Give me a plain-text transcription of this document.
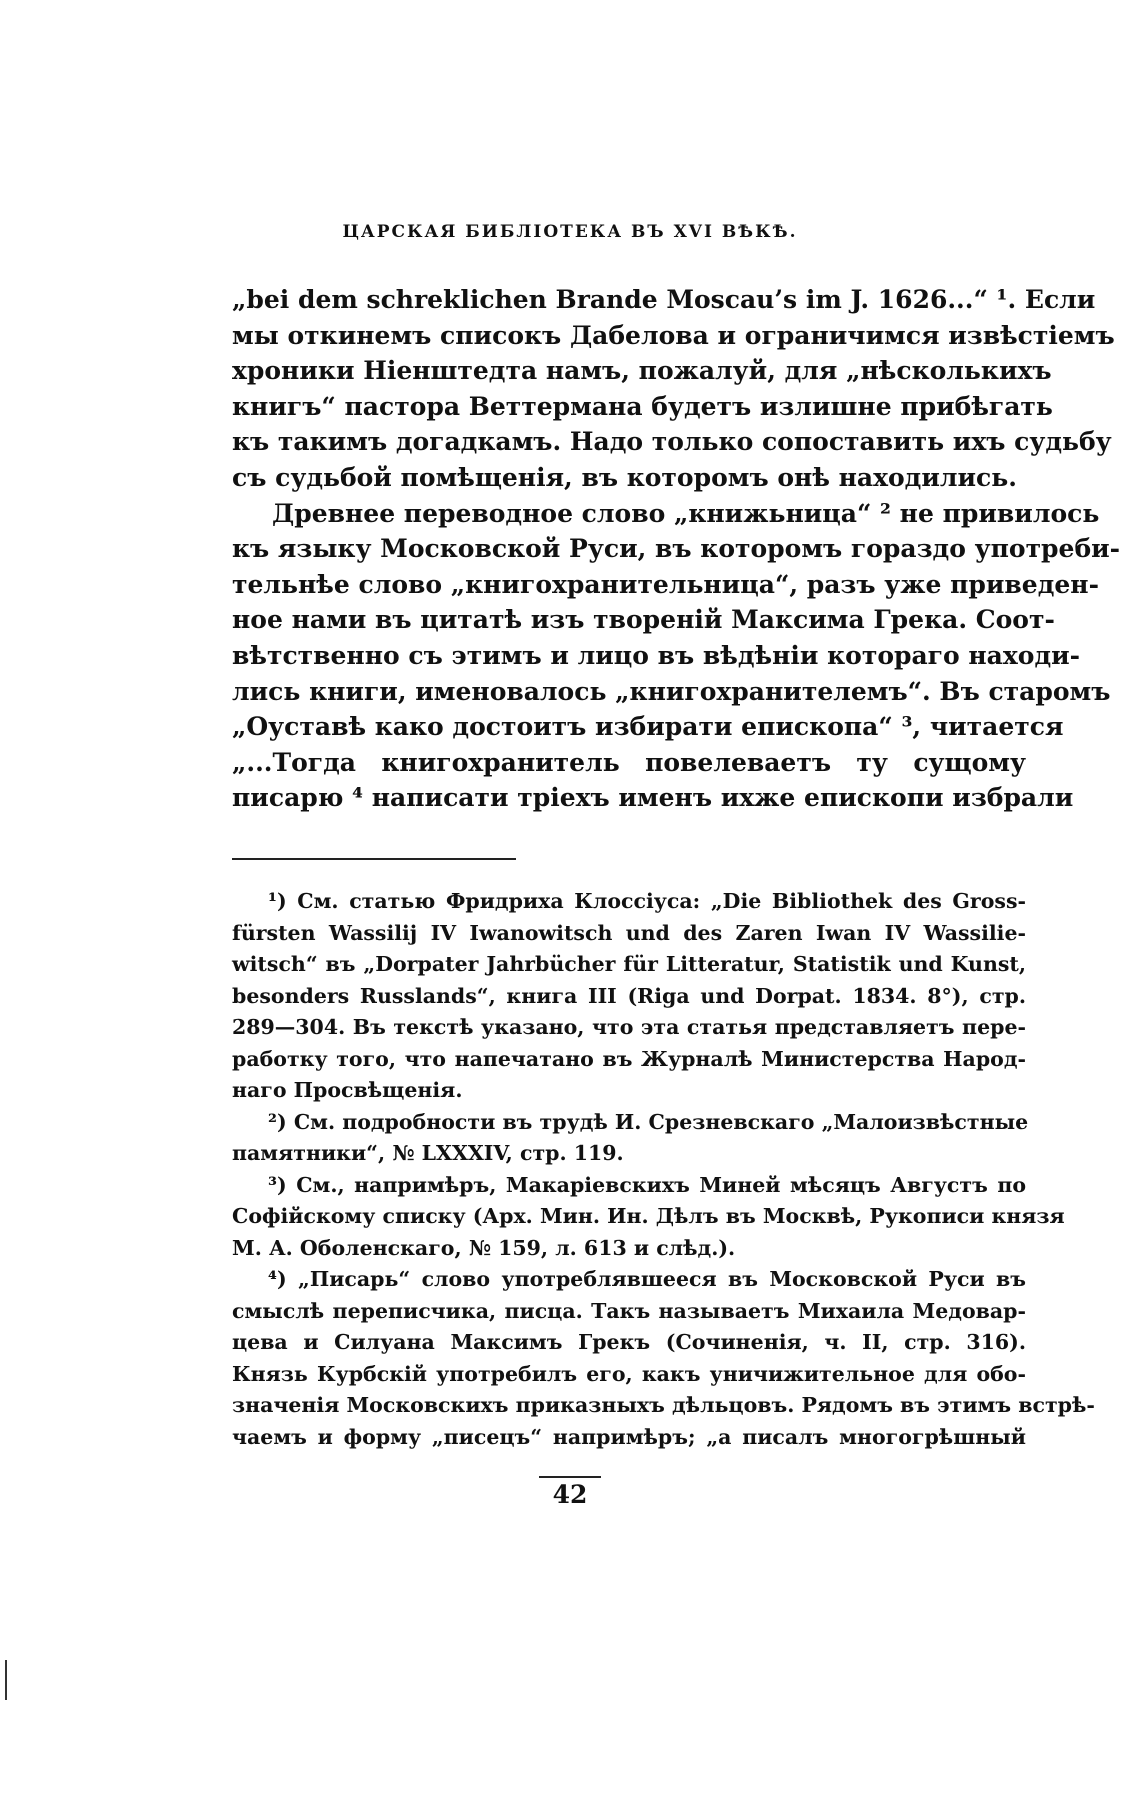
ЦАРСКАЯ БИБЛІОТЕКА ВЪ XVI ВѢКѢ.
„bei dem schreklichen Brande Moscau’s im J. 1626...“ ¹. Если
мы откинемъ списокъ Дабелова и ограничимся извѣстіемъ
хроники Ніенштедта намъ, пожалуй, для „нѣсколькихъ
книгъ“ пастора Веттермана будетъ излишне прибѣгать
къ такимъ догадкамъ. Надо только сопоставить ихъ судьбу
съ судьбой помѣщенія, въ которомъ онѣ находились.
Древнее переводное слово „книжьница“ ² не привилось
къ языку Московской Руси, въ которомъ гораздо употреби-
тельнѣе слово „книгохранительница“, разъ уже приведен-
ное нами въ цитатѣ изъ твореній Максима Грека. Соот-
вѣтственно съ этимъ и лицо въ вѣдѣніи котораго находи-
лись книги, именовалось „книгохранителемъ“. Въ старомъ
„Оуставѣ како достоитъ избирати епископа“ ³, читается
„...Тогда книгохранитель повелеваетъ ту сущому
писарю ⁴ написати тріехъ именъ ихже епископи избрали
¹) См. статью Фридриха Клоссіуса: „Die Bibliothek des Gross-
fürsten Wassilij IV Iwanowitsch und des Zaren Iwan IV Wassilie-
witsch“ въ „Dorpater Jahrbücher für Litteratur, Statistik und Kunst,
besonders Russlands“, книга III (Riga und Dorpat. 1834. 8°), стр.
289—304. Въ текстѣ указано, что эта статья представляетъ пере-
работку того, что напечатано въ Журналѣ Министерства Народ-
наго Просвѣщенія.
²) См. подробности въ трудѣ И. Срезневскаго „Малоизвѣстные
памятники“, № LXXXIV, стр. 119.
³) См., напримѣръ, Макаріевскихъ Миней мѣсяцъ Августъ по
Софійскому списку (Арх. Мин. Ин. Дѣлъ въ Москвѣ, Рукописи князя
М. А. Оболенскаго, № 159, л. 613 и слѣд.).
⁴) „Писарь“ слово употреблявшееся въ Московской Руси въ
смыслѣ переписчика, писца. Такъ называетъ Михаила Медовар-
цева и Силуана Максимъ Грекъ (Сочиненія, ч. II, стр. 316).
Князь Курбскій употребилъ его, какъ уничижительное для обо-
значенія Московскихъ приказныхъ дѣльцовъ. Рядомъ въ этимъ встрѣ-
чаемъ и форму „писецъ“ напримѣръ; „а писалъ многогрѣшный
42
